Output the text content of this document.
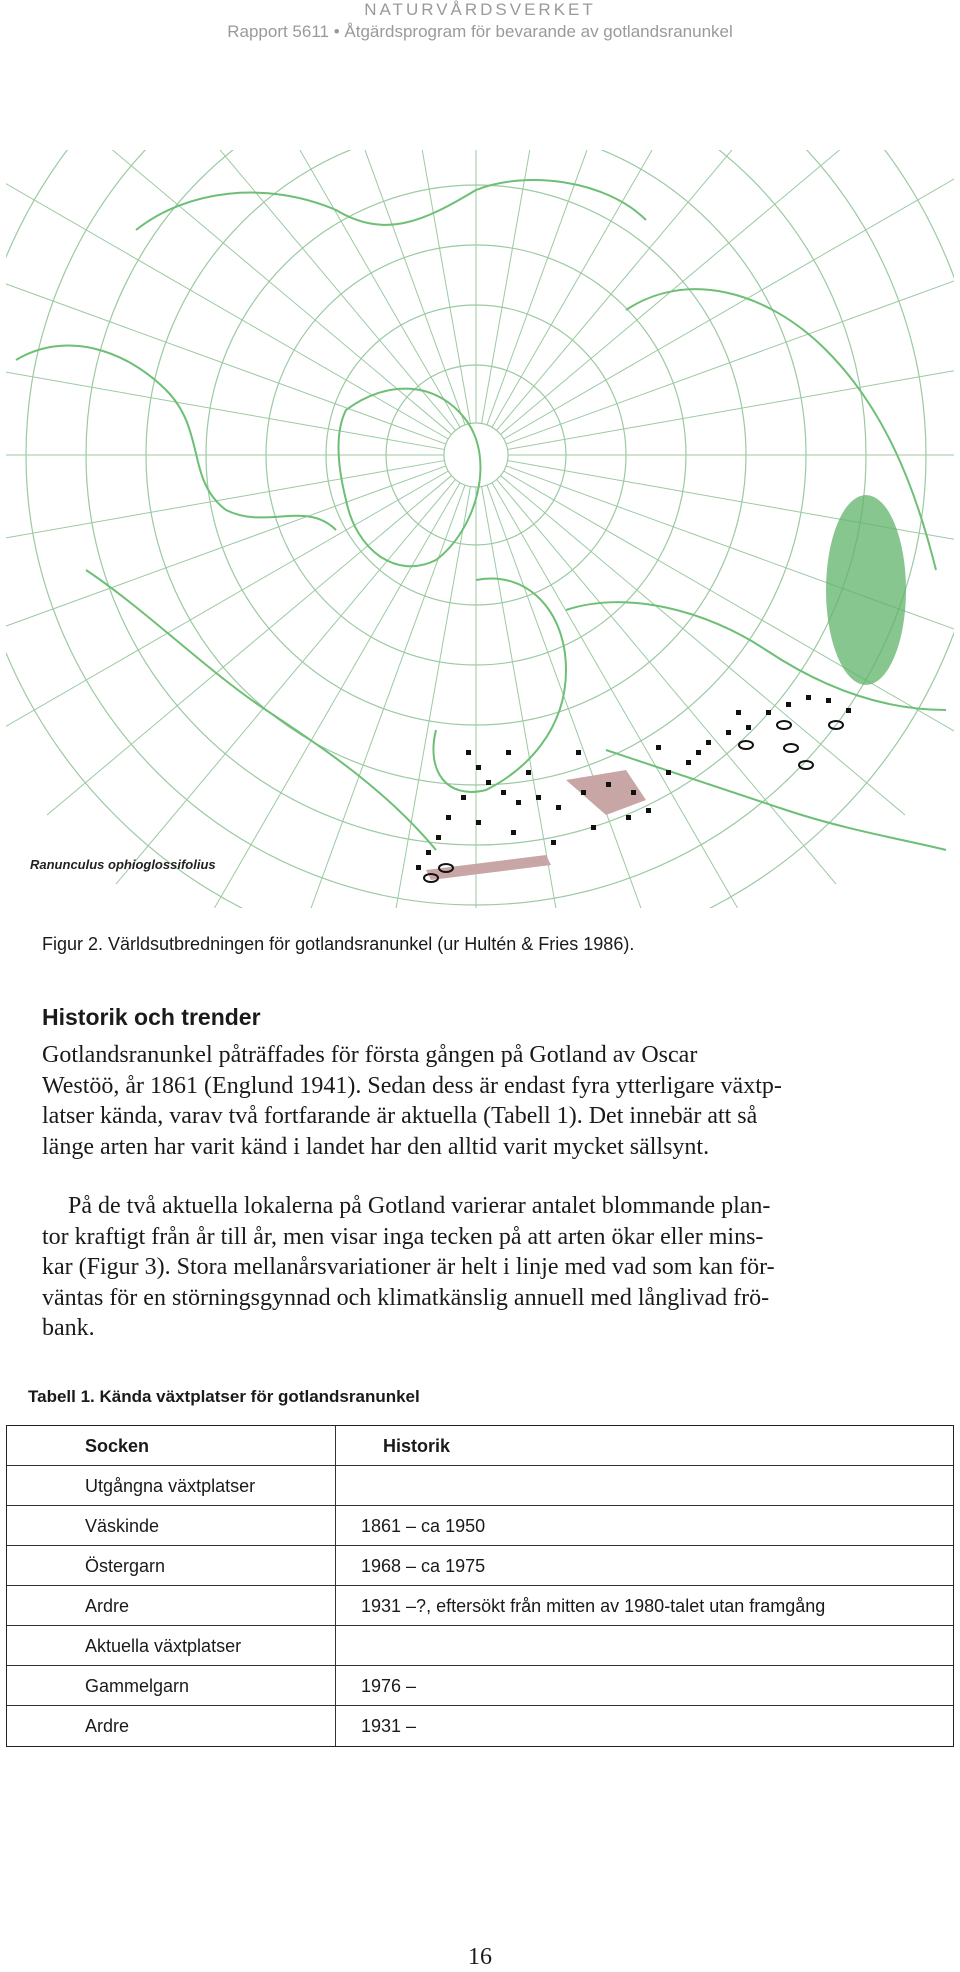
NATURVÅRDSVERKET
Rapport 5611 • Åtgärdsprogram för bevarande av gotlandsranunkel
Ranunculus ophioglossifolius
Figur 2. Världsutbredningen för gotlandsranunkel (ur Hultén & Fries 1986).
Historik och trender

Gotlandsranunkel påträffades för första gången på Gotland av Oscar
Westöö, år 1861 (Englund 1941). Sedan dess är endast fyra ytterligare växtp-
latser kända, varav två fortfarande är aktuella (Tabell 1). Det innebär att så
länge arten har varit känd i landet har den alltid varit mycket sällsynt.

På de två aktuella lokalerna på Gotland varierar antalet blommande plan-
tor kraftigt från år till år, men visar inga tecken på att arten ökar eller mins-
kar (Figur 3). Stora mellanårsvariationer är helt i linje med vad som kan för-
väntas för en störningsgynnad och klimatkänslig annuell med långlivad frö-
bank.

Tabell 1. Kända växtplatser för gotlandsranunkel
Socken	Historik
Utgångna växtplatser
Väskinde	1861 – ca 1950
Östergarn	1968 – ca 1975
Ardre	1931 –?, eftersökt från mitten av 1980-talet utan framgång
Aktuella växtplatser
Gammelgarn	1976 –
Ardre	1931 –
16
